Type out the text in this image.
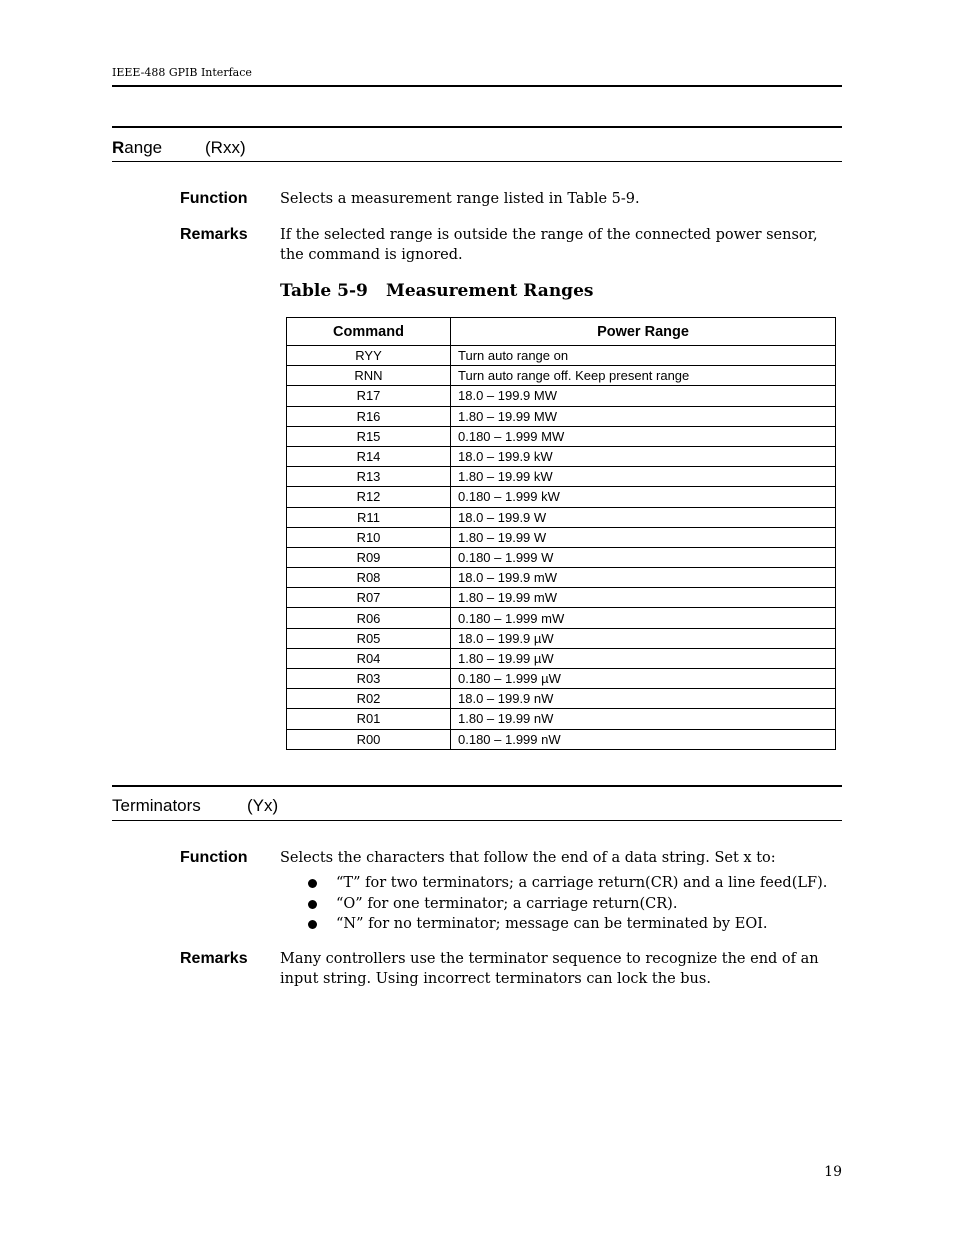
IEEE-488 GPIB Interface
Range	(Rxx)
Function Selects a measurement range listed in Table 5-9.
Remarks If the selected range is outside the range of the connected power sensor, the command is ignored.
Table 5-9 Measurement Ranges
Command	Power Range
RYY	Turn auto range on
RNN	Turn auto range off. Keep present range
R17	18.0 – 199.9 MW
R16	1.80 – 19.99 MW
R15	0.180 – 1.999 MW
R14	18.0 – 199.9 kW
R13	1.80 – 19.99 kW
R12	0.180 – 1.999 kW
R11	18.0 – 199.9 W
R10	1.80 – 19.99 W
R09	0.180 – 1.999 W
R08	18.0 – 199.9 mW
R07	1.80 – 19.99 mW
R06	0.180 – 1.999 mW
R05	18.0 – 199.9 µW
R04	1.80 – 19.99 µW
R03	0.180 – 1.999 µW
R02	18.0 – 199.9 nW
R01	1.80 – 19.99 nW
R00	0.180 – 1.999 nW
Terminators	(Yx)
Function Selects the characters that follow the end of a data string. Set x to:
“T” for two terminators; a carriage return(CR) and a line feed(LF).
“O” for one terminator; a carriage return(CR).
“N” for no terminator; message can be terminated by EOI.
Remarks Many controllers use the terminator sequence to recognize the end of an input string. Using incorrect terminators can lock the bus.
19
